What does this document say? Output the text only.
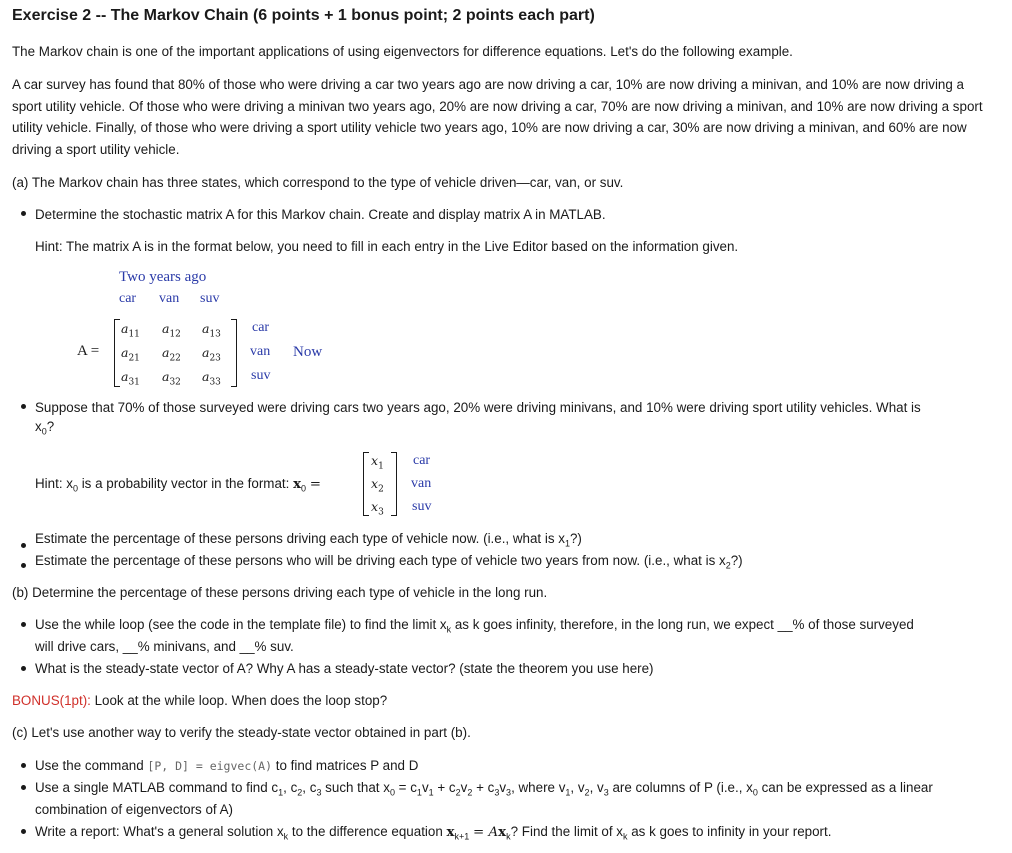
Exercise 2 -- The Markov Chain (6 points + 1 bonus point; 2 points each part)
The Markov chain is one of the important applications of using eigenvectors for difference equations. Let's do the following example.
A car survey has found that 80% of those who were driving a car two years ago are now driving a car, 10% are now driving a minivan, and 10% are now driving a sport utility vehicle. Of those who were driving a minivan two years ago, 20% are now driving a car, 70% are now driving a minivan, and 10% are now driving a sport utility vehicle. Finally, of those who were driving a sport utility vehicle two years ago, 10% are now driving a car, 30% are now driving a minivan, and 60% are now driving a sport utility vehicle.
(a) The Markov chain has three states, which correspond to the type of vehicle driven—car, van, or suv.
Determine the stochastic matrix A for this Markov chain. Create and display matrix A in MATLAB.
Hint: The matrix A is in the format below, you need to fill in each entry in the Live Editor based on the information given.
Two years ago
car van suv
A =
$a_{11}$ $a_{12}$ $a_{13}$
$a_{21}$ $a_{22}$ $a_{23}$
$a_{31}$ $a_{32}$ $a_{33}$
car
van Now
suv
Suppose that 70% of those surveyed were driving cars two years ago, 20% were driving minivans, and 10% were driving sport utility vehicles. What is
$x_0$?
Hint: $x_0$ is a probability vector in the format: $x_0$ =
$x_1$
$x_2$
$x_3$
car
van
suv
Estimate the percentage of these persons driving each type of vehicle now. (i.e., what is $x_1$?)
Estimate the percentage of these persons who will be driving each type of vehicle two years from now. (i.e., what is $x_2$?)
(b) Determine the percentage of these persons driving each type of vehicle in the long run.
Use the while loop (see the code in the template file) to find the limit $x_k$ as k goes infinity, therefore, in the long run, we expect __% of those surveyed
will drive cars, __% minivans, and __% suv.
What is the steady-state vector of A? Why A has a steady-state vector? (state the theorem you use here)
BONUS(1pt): Look at the while loop. When does the loop stop?
(c) Let's use another way to verify the steady-state vector obtained in part (b).
Use the command [P, D] = eigvec(A) to find matrices P and D
Use a single MATLAB command to find $c_1$, $c_2$, $c_3$ such that $x_0 = c_1v_1 + c_2v_2 + c_3v_3$, where $v_1$, $v_2$, $v_3$ are columns of P (i.e., $x_0$ can be expressed as a linear
combination of eigenvectors of A)
Write a report: What's a general solution $x_k$ to the difference equation $x_{k+1} = Ax_k$? Find the limit of $x_k$ as k goes to infinity in your report.
